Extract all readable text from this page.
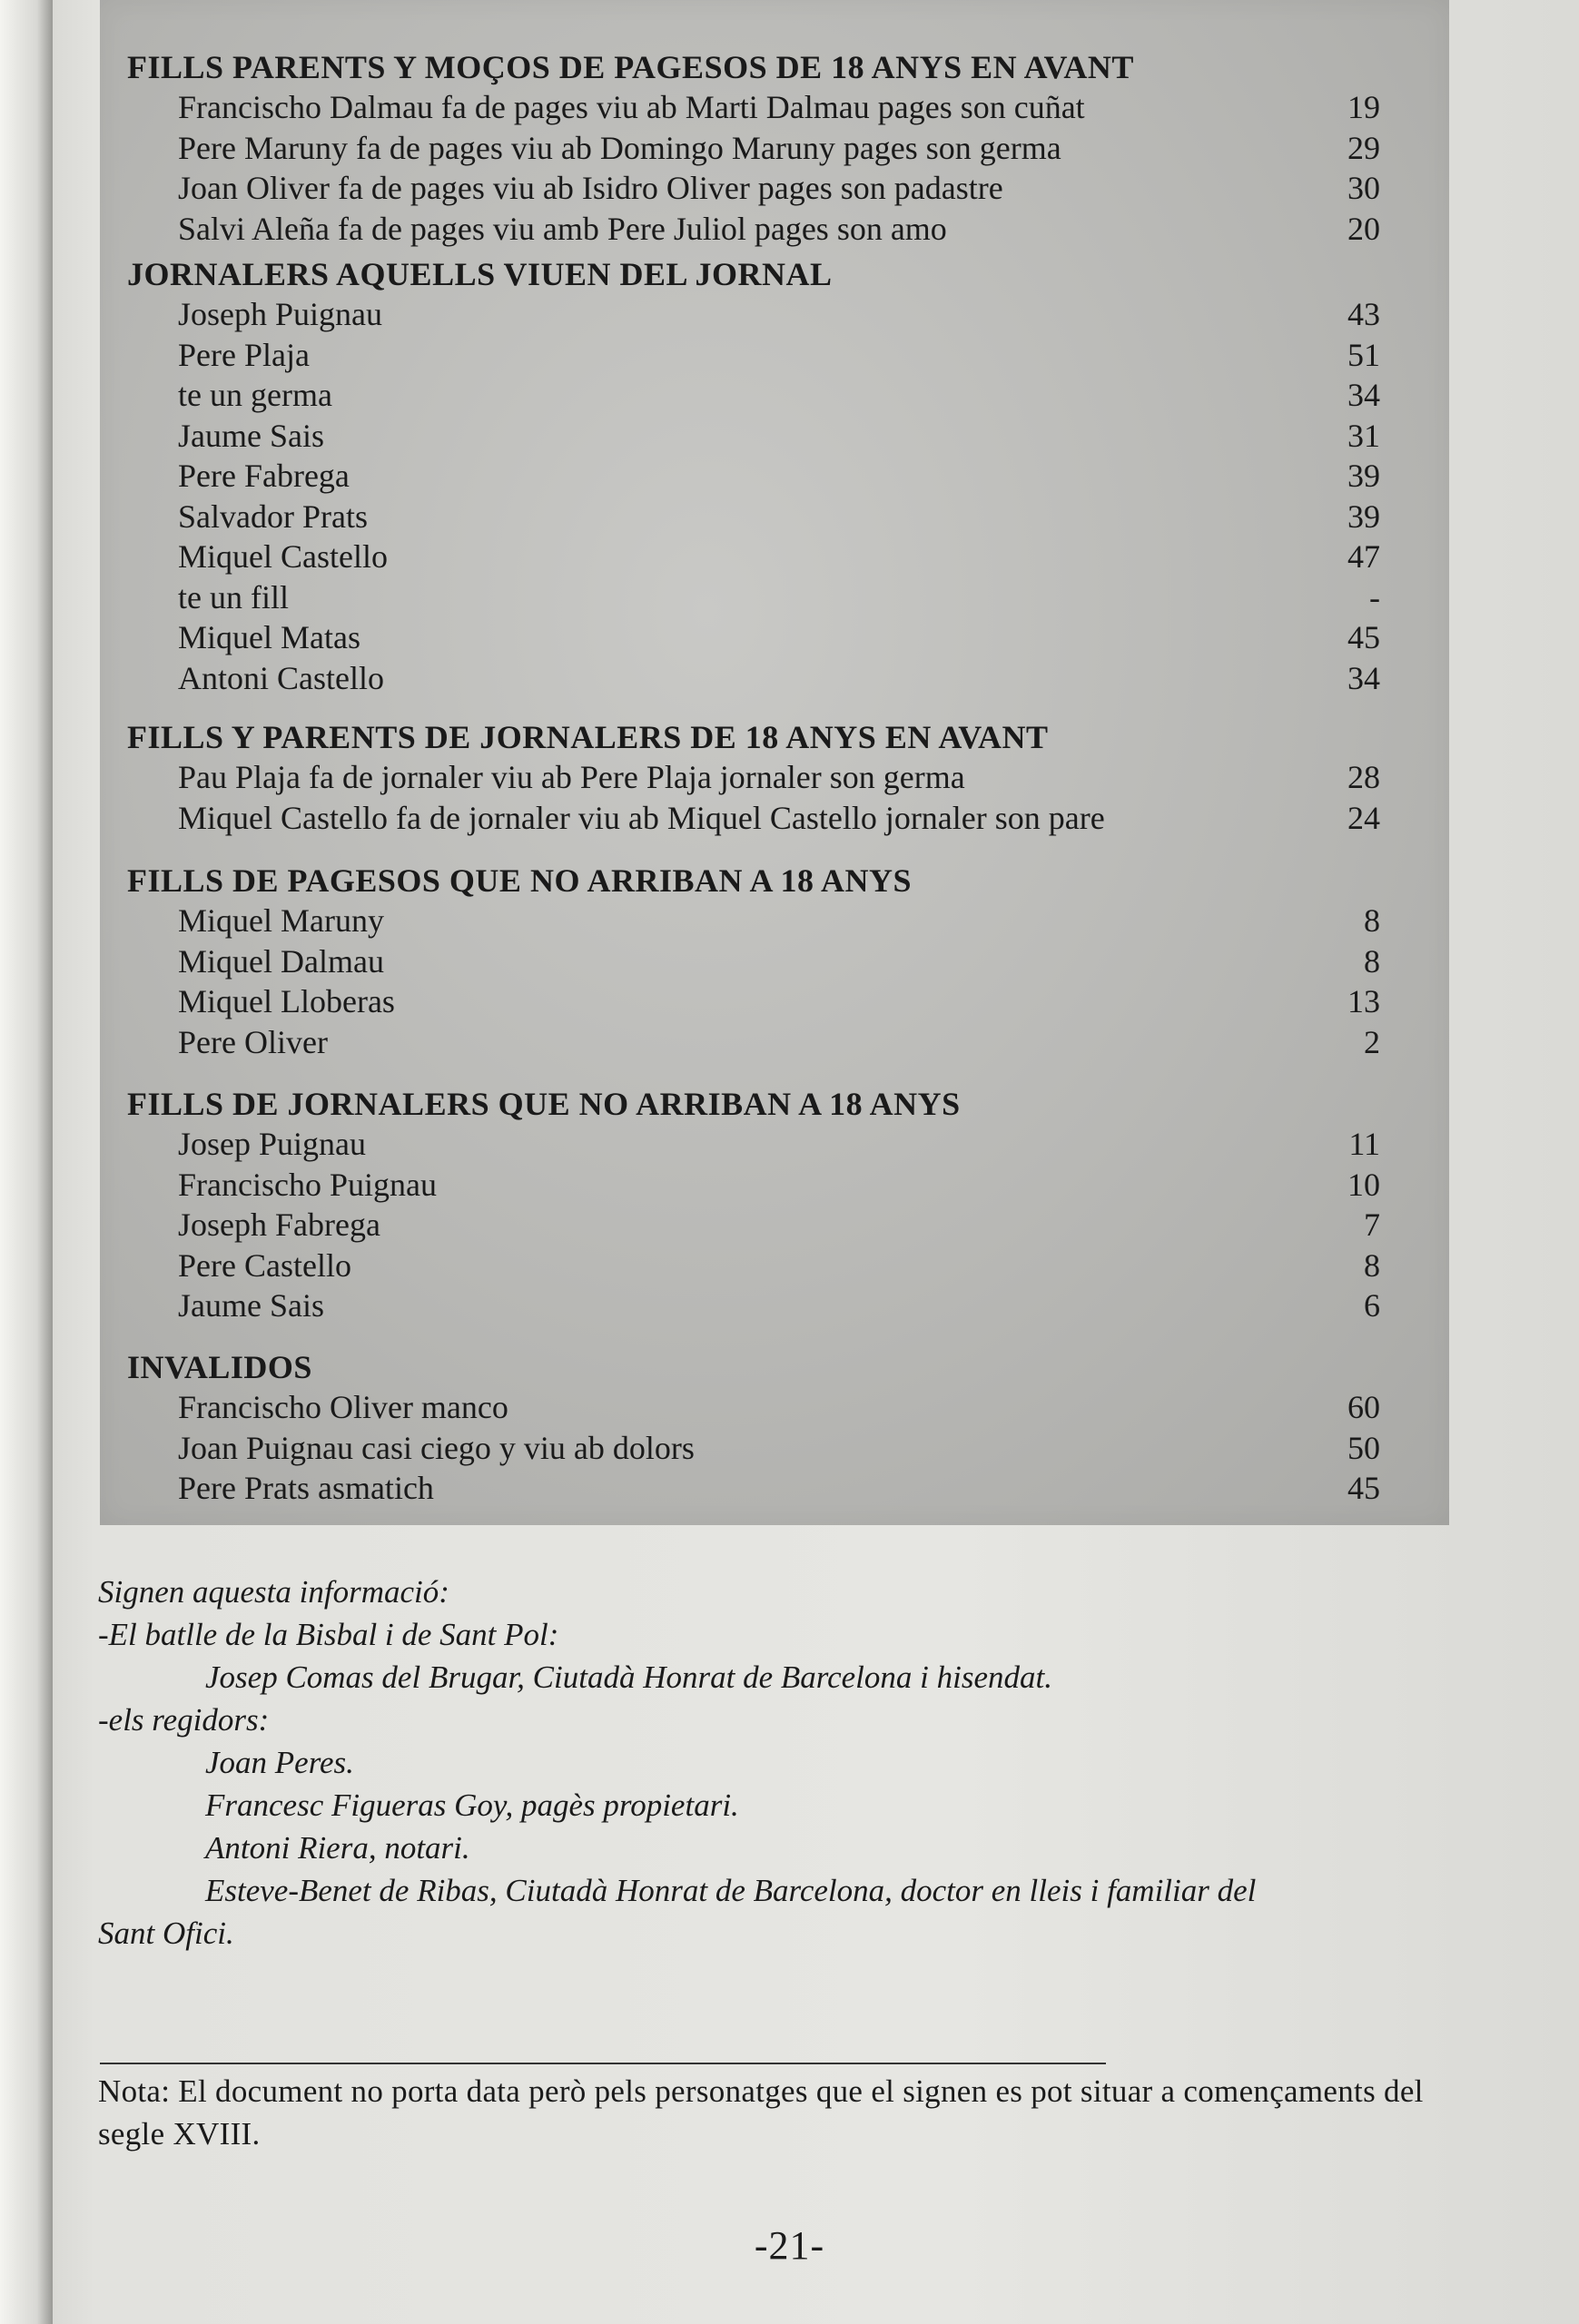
FILLS PARENTS Y MOÇOS DE PAGESOS DE 18 ANYS EN AVANT
Francischo Dalmau fa de pages viu ab Marti Dalmau pages son cuñat	19
Pere Maruny fa de pages viu ab Domingo Maruny pages son germa	29
Joan Oliver fa de pages viu ab Isidro Oliver pages son padastre	30
Salvi Aleña fa de pages viu amb Pere Juliol pages son amo	20
JORNALERS AQUELLS VIUEN DEL JORNAL
Joseph Puignau	43
Pere Plaja	51
te un germa	34
Jaume Sais	31
Pere Fabrega	39
Salvador Prats	39
Miquel Castello	47
te un fill	-
Miquel Matas	45
Antoni Castello	34
FILLS Y PARENTS DE JORNALERS DE 18 ANYS EN AVANT
Pau Plaja fa de jornaler viu ab Pere Plaja jornaler son germa	28
Miquel Castello fa de jornaler viu ab Miquel Castello jornaler son pare	24
FILLS DE PAGESOS QUE NO ARRIBAN A 18 ANYS
Miquel Maruny	8
Miquel Dalmau	8
Miquel Lloberas	13
Pere Oliver	2
FILLS DE JORNALERS QUE NO ARRIBAN A 18 ANYS
Josep Puignau	11
Francischo Puignau	10
Joseph Fabrega	7
Pere Castello	8
Jaume Sais	6
INVALIDOS
Francischo Oliver manco	60
Joan Puignau casi ciego y viu ab dolors	50
Pere Prats asmatich	45
Signen aquesta informació:
-El batlle de la Bisbal i de Sant Pol:
Josep Comas del Brugar, Ciutadà Honrat de Barcelona i hisendat.
-els regidors:
Joan Peres.
Francesc Figueras Goy, pagès propietari.
Antoni Riera, notari.
Esteve-Benet de Ribas, Ciutadà Honrat de Barcelona, doctor en lleis i familiar del
Sant Ofici.
Nota: El document no porta data però pels personatges que el signen es pot situar a començaments del segle XVIII.
-21-
